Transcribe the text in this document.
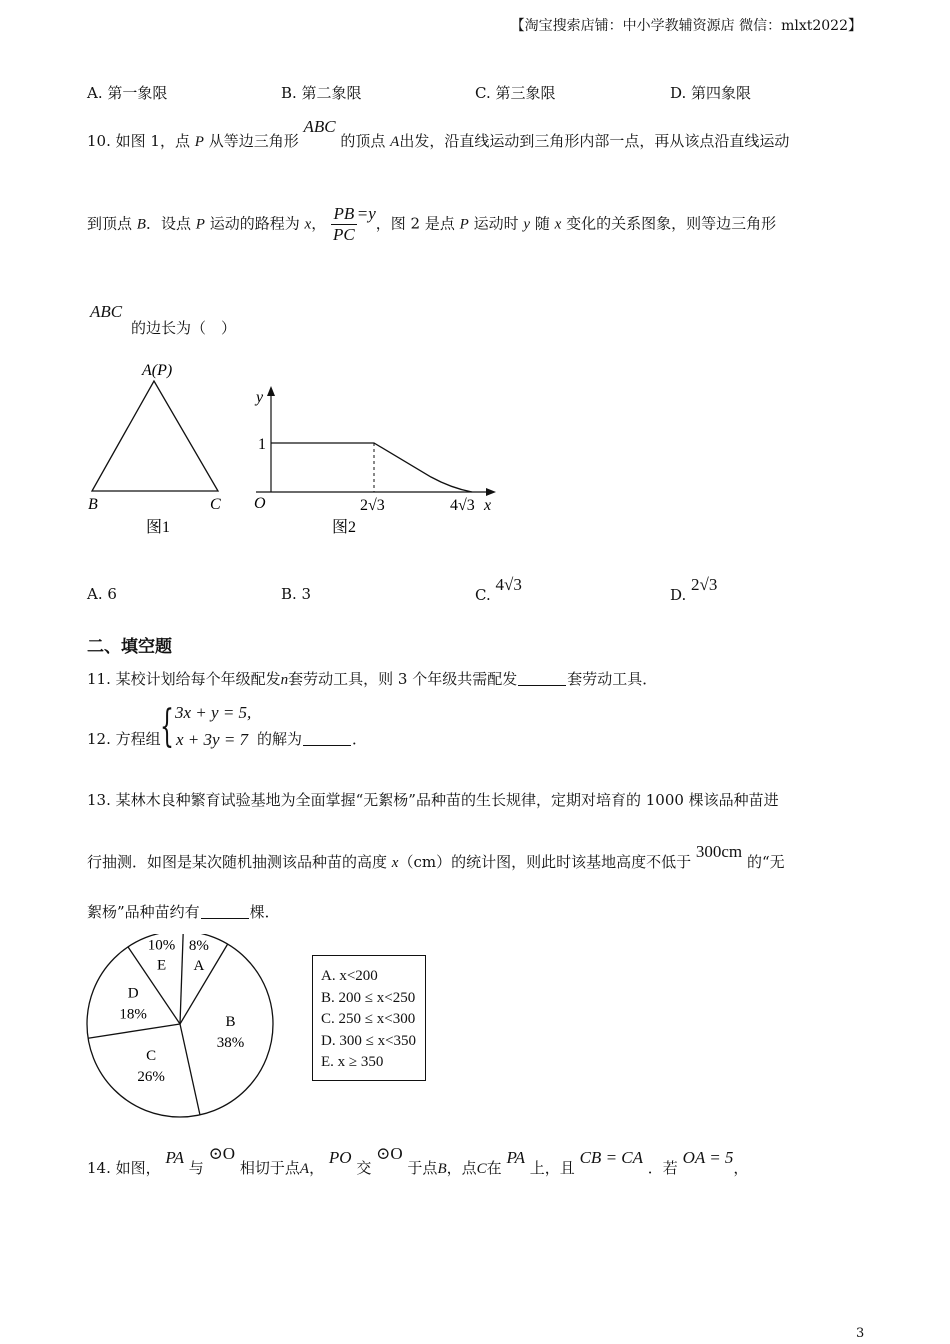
【淘宝搜索店铺：中小学教辅资源店 微信：mlxt2022】
A. 第一象限	B. 第二象限	C. 第三象限	D. 第四象限
10. 如图 1，点 P 从等边三角形 ABC 的顶点 A出发，沿直线运动到三角形内部一点，再从该点沿直线运动
到顶点 B．设点 P 运动的路程为 x， $\frac{PB}{PC} =y$，图 2 是点 P 运动时 y 随 x 变化的关系图象，则等边三角形
ABC
的边长为（　）
A(P)
B	C
图1
y
1
O	2√3	4√3 x
图2
A. 6	B. 3	C. 4√3
D. 2√3
二、填空题
11. 某校计划给每个年级配发n套劳动工具，则 3 个年级共需配发	套劳动工具．
12. 方程组 { 3x + y = 5,
x + 3y = 7 的解为	．
13. 某林木良种繁育试验基地为全面掌握“无絮杨”品种苗的生长规律，定期对培育的 1000 棵该品种苗进
行抽测．如图是某次随机抽测该品种苗的高度 x（cm）的统计图，则此时该基地高度不低于 300cm 的“无
絮杨”品种苗约有	棵．
8%
A
B
38%
C
26%
D
18%
10%
E
A. x<200
B. 200 ≤ x<250
C. 250 ≤ x<300
D. 300 ≤ x<350
E. x ≥ 350
14. 如图， PA 与 ⊙O 相切于点A， PO 交 ⊙O 于点B，点C在 PA 上，且 CB = CA ．若 OA = 5，
3
